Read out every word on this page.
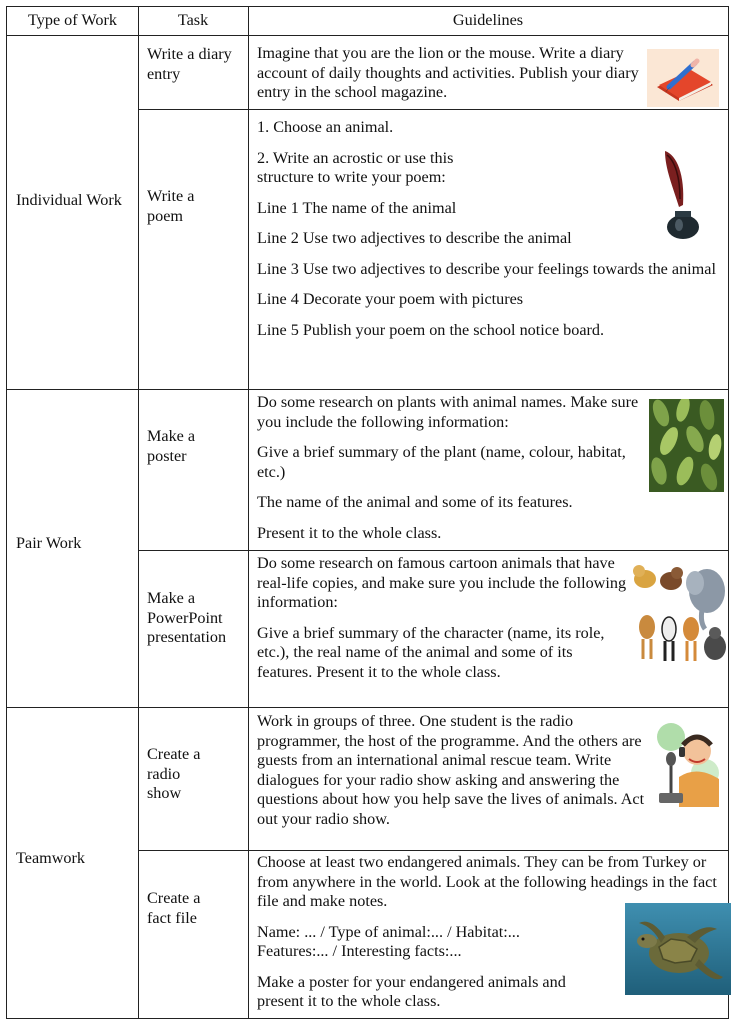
Type of Work	Task	Guidelines
Individual Work
Pair Work
Teamwork
Write a diary entry
Write a poem
Make a poster
Make a PowerPoint presentation
Create a radio show
Create a fact file

Imagine that you are the lion or the mouse. Write a diary account of daily thoughts and activities. Publish your diary entry in the school magazine.

1. Choose an animal.

2. Write an acrostic or use this structure to write your poem:

Line 1 The name of the animal

Line 2 Use two adjectives to describe the animal

Line 3 Use two adjectives to describe your feelings towards the animal

Line 4 Decorate your poem with pictures

Line 5 Publish your poem on the school notice board.

Do some research on plants with animal names. Make sure you include the following information:

Give a brief summary of the plant (name, colour, habitat, etc.)

The name of the animal and some of its features.

Present it to the whole class.

Do some research on famous cartoon animals that have real-life copies, and make sure you include the following information:

Give a brief summary of the character (name, its role, etc.), the real name of the animal and some of its features. Present it to the whole class.

Work in groups of three. One student is the radio programmer, the host of the programme. And the others are guests from an international animal rescue team. Write dialogues for your radio show asking and answering the questions about how you help save the lives of animals. Act out your radio show.

Choose at least two endangered animals. They can be from Turkey or from anywhere in the world. Look at the following headings in the fact file and make notes.

Name: ... / Type of animal:... / Habitat:... Features:... / Interesting facts:...

Make a poster for your endangered animals and present it to the whole class.
